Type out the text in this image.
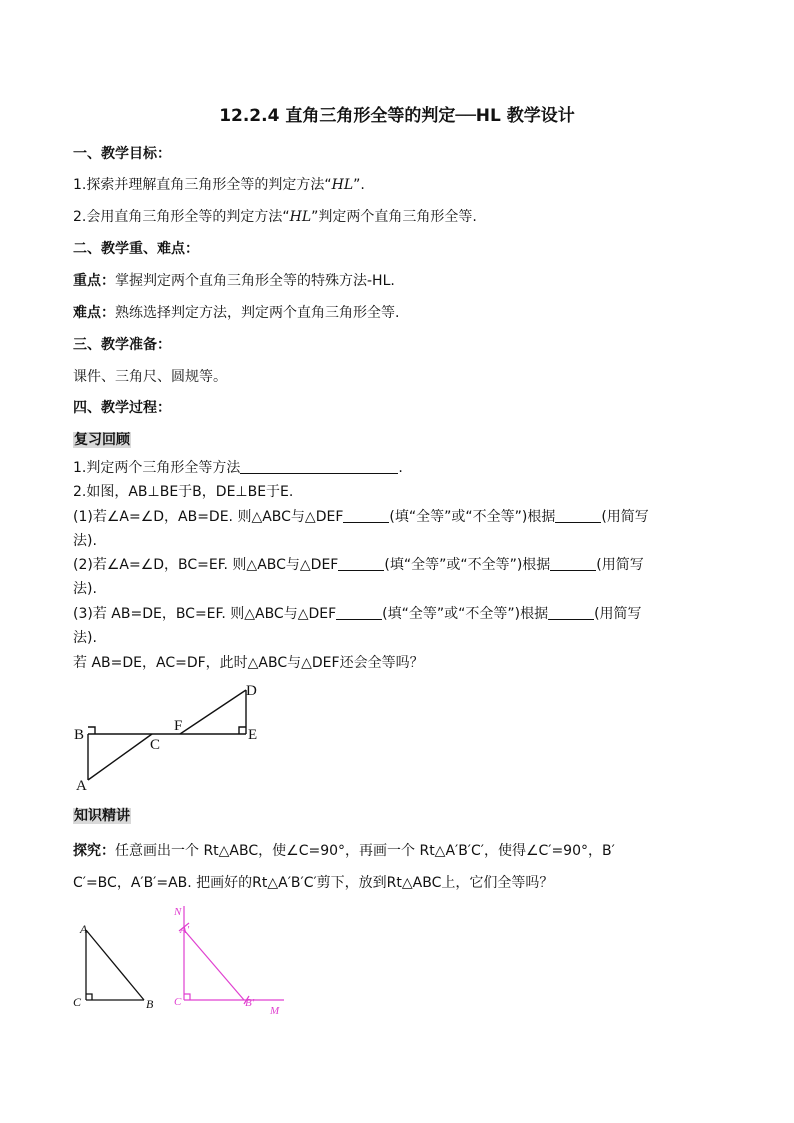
12.2.4 直角三角形全等的判定──HL 教学设计
一、教学目标：
1.探索并理解直角三角形全等的判定方法“HL”.
2.会用直角三角形全等的判定方法“HL”判定两个直角三角形全等.
二、教学重、难点：
重点：掌握判定两个直角三角形全等的特殊方法-HL.
难点：熟练选择判定方法，判定两个直角三角形全等.
三、教学准备：
课件、三角尺、圆规等。
四、教学过程：
复习回顾
1.判定两个三角形全等方法	.
2.如图，AB⊥BE于B，DE⊥BE于E.
(1)若∠A=∠D，AB=DE. 则△ABC与△DEF	(填“全等”或“不全等”)根据	(用简写
法).
(2)若∠A=∠D，BC=EF. 则△ABC与△DEF	(填“全等”或“不全等”)根据	(用简写
法).
(3)若 AB=DE，BC=EF. 则△ABC与△DEF	(填“全等”或“不全等”)根据	(用简写
法).
若 AB=DE，AC=DF，此时△ABC与△DEF还会全等吗？
D
B
F
C
E
A
知识精讲
探究：任意画出一个 Rt△ABC，使∠C=90°，再画一个 Rt△A′B′C′，使得∠C′=90°，B′
C′=BC，A′B′=AB. 把画好的Rt△A′B′C′剪下，放到Rt△ABC上，它们全等吗？
A
C	B
N
A′
C	B′
M
